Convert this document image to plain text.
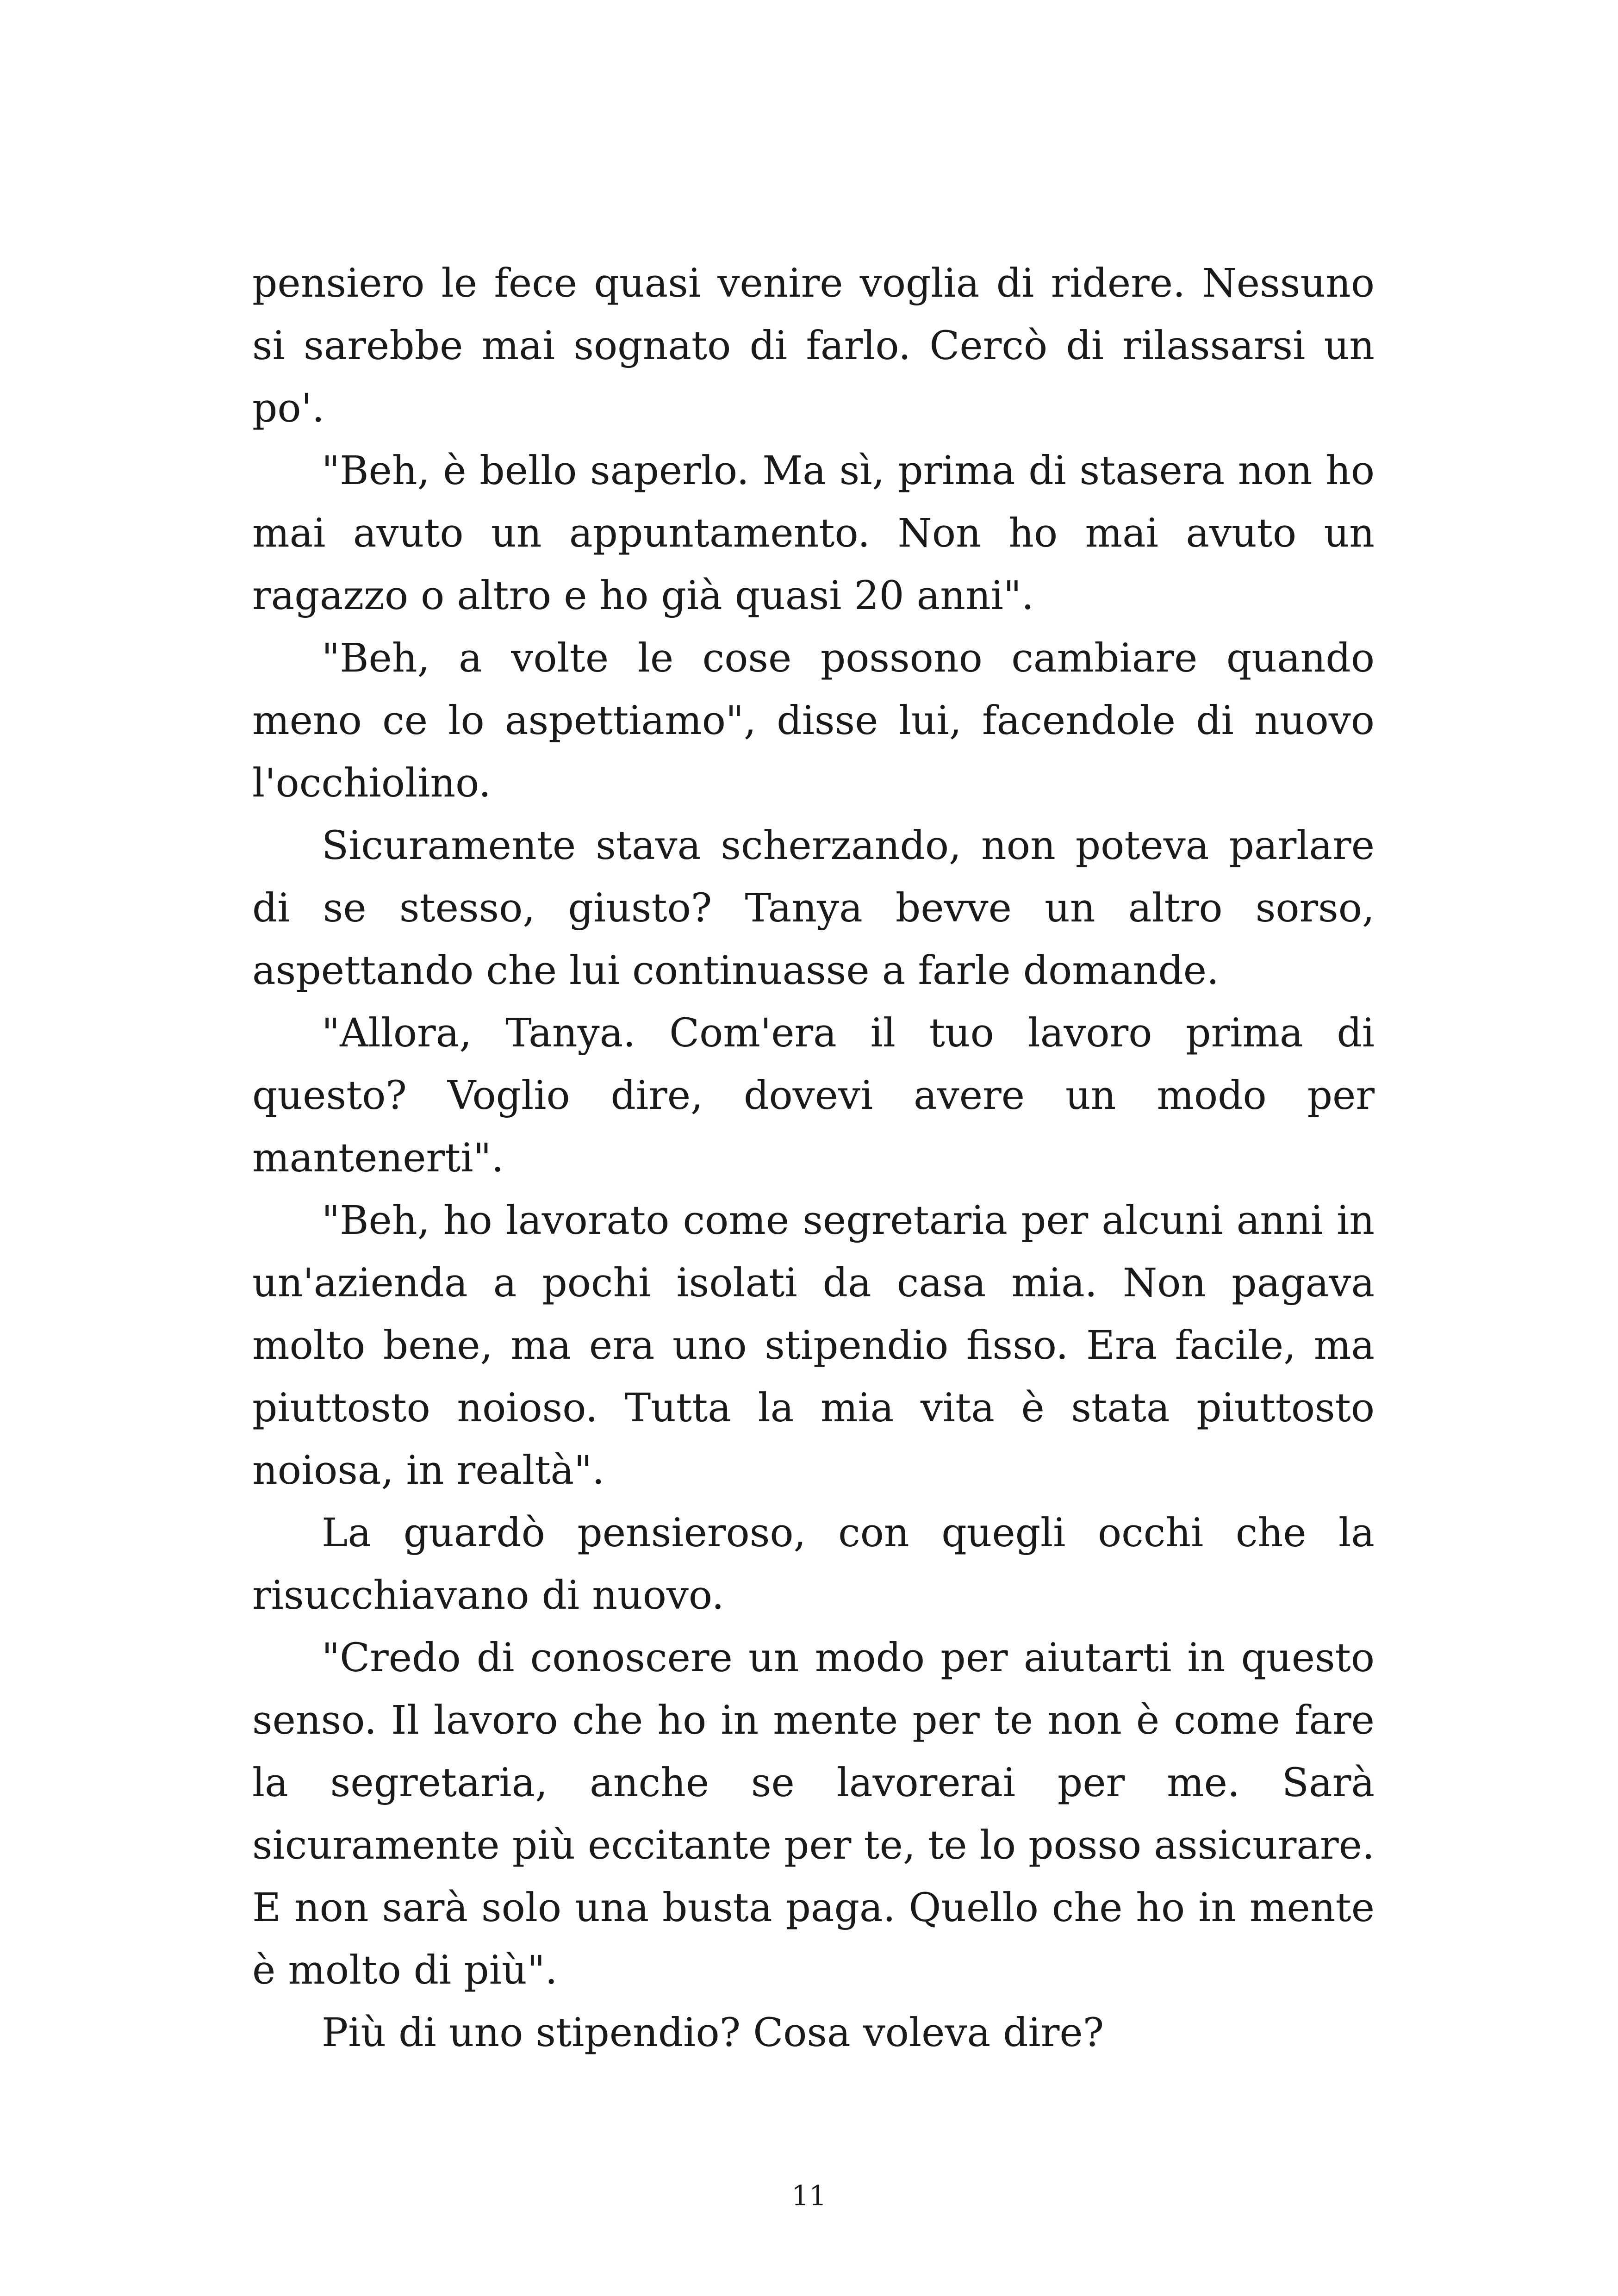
pensiero le fece quasi venire voglia di ridere. Nessuno si sarebbe mai sognato di farlo. Cercò di rilassarsi un po'.

"Beh, è bello saperlo. Ma sì, prima di stasera non ho mai avuto un appuntamento. Non ho mai avuto un ragazzo o altro e ho già quasi 20 anni".

"Beh, a volte le cose possono cambiare quando meno ce lo aspettiamo", disse lui, facendole di nuovo l'occhiolino.

Sicuramente stava scherzando, non poteva parlare di se stesso, giusto? Tanya bevve un altro sorso, aspettando che lui continuasse a farle domande.

"Allora, Tanya. Com'era il tuo lavoro prima di questo? Voglio dire, dovevi avere un modo per mantenerti".

"Beh, ho lavorato come segretaria per alcuni anni in un'azienda a pochi isolati da casa mia. Non pagava molto bene, ma era uno stipendio fisso. Era facile, ma piuttosto noioso. Tutta la mia vita è stata piuttosto noiosa, in realtà".

La guardò pensieroso, con quegli occhi che la risucchiavano di nuovo.

"Credo di conoscere un modo per aiutarti in questo senso. Il lavoro che ho in mente per te non è come fare la segretaria, anche se lavorerai per me. Sarà sicuramente più eccitante per te, te lo posso assicurare. E non sarà solo una busta paga. Quello che ho in mente è molto di più".

Più di uno stipendio? Cosa voleva dire?

11
